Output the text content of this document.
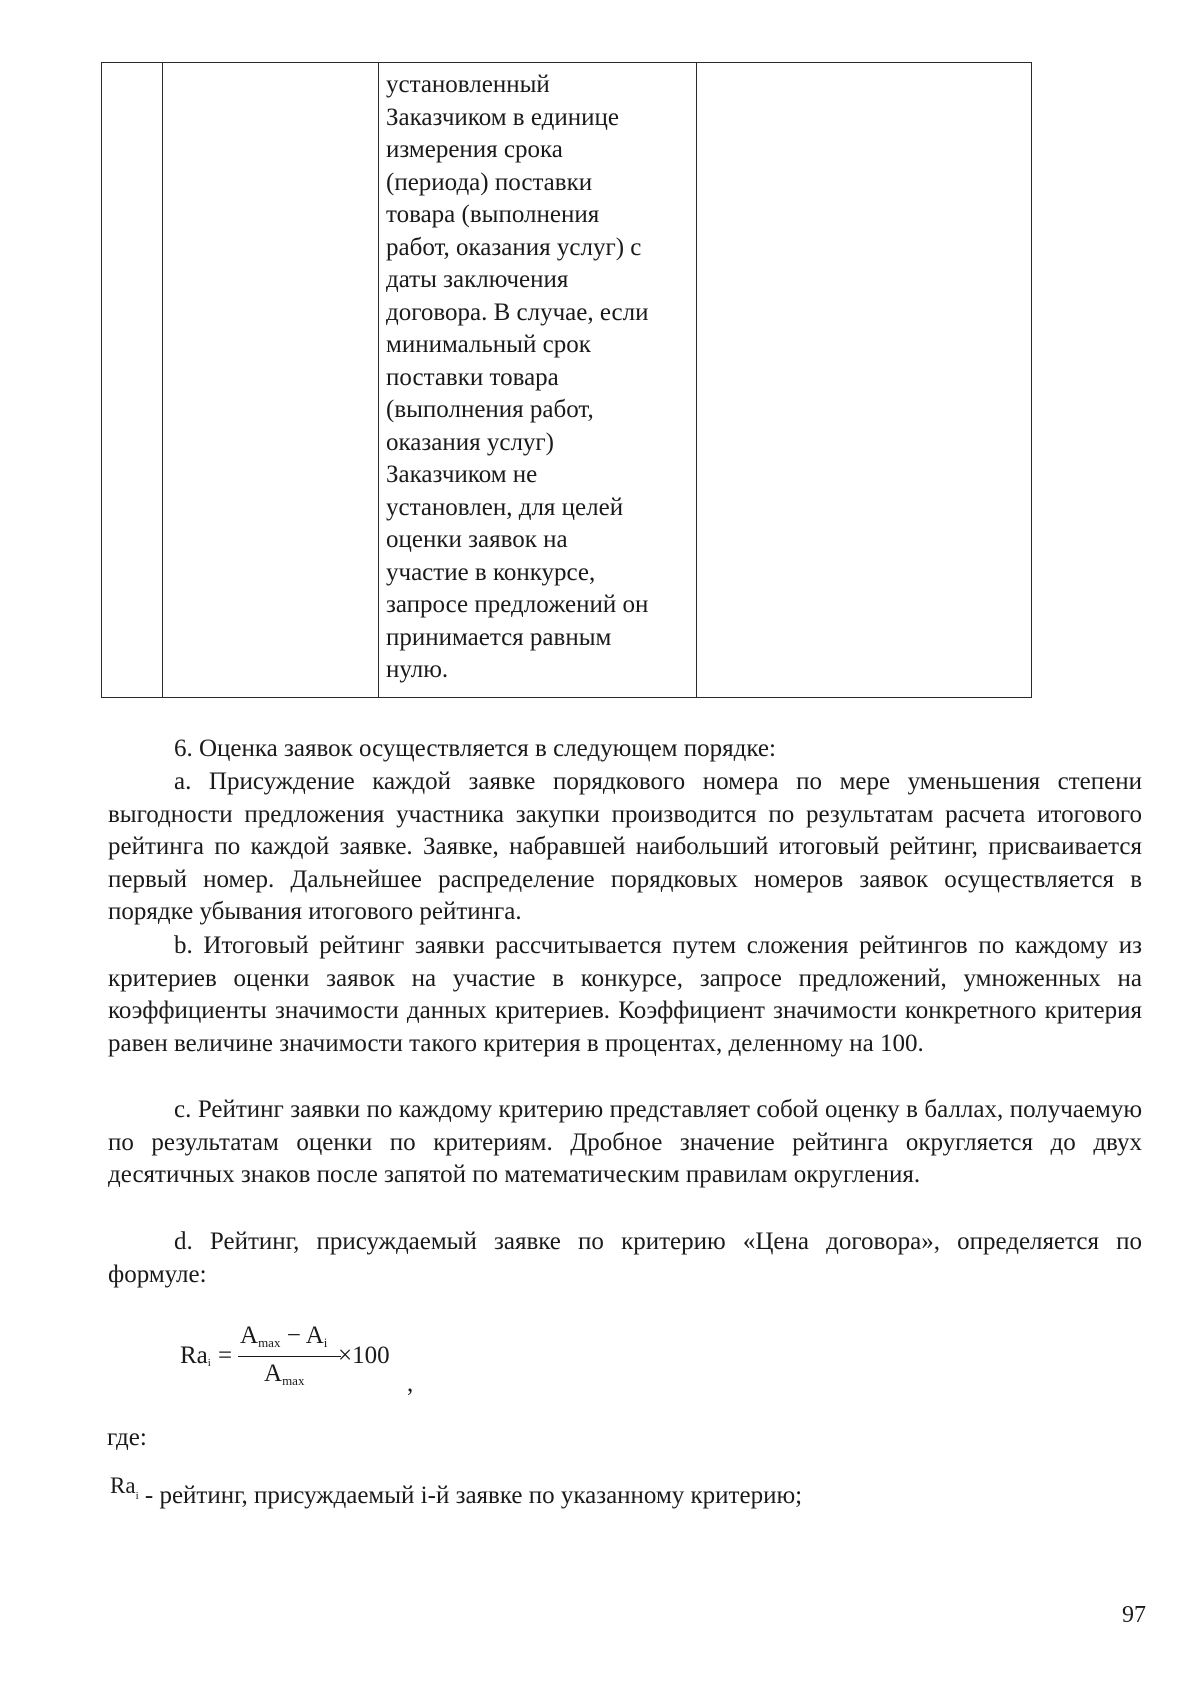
установленный
Заказчиком в единице
измерения срока
(периода) поставки
товара (выполнения
работ, оказания услуг) с
даты заключения
договора. В случае, если
минимальный срок
поставки товара
(выполнения работ,
оказания услуг)
Заказчиком не
установлен, для целей
оценки заявок на
участие в конкурсе,
запросе предложений он
принимается равным
нулю.

6. Оценка заявок осуществляется в следующем порядке:
a. Присуждение каждой заявке порядкового номера по мере уменьшения степени выгодности предложения участника закупки производится по результатам расчета итогового рейтинга по каждой заявке. Заявке, набравшей наибольший итоговый рейтинг, присваивается первый номер. Дальнейшее распределение порядковых номеров заявок осуществляется в порядке убывания итогового рейтинга.
b. Итоговый рейтинг заявки рассчитывается путем сложения рейтингов по каждому из критериев оценки заявок на участие в конкурсе, запросе предложений, умноженных на коэффициенты значимости данных критериев. Коэффициент значимости конкретного критерия равен величине значимости такого критерия в процентах, деленному на 100.
c. Рейтинг заявки по каждому критерию представляет собой оценку в баллах, получаемую по результатам оценки по критериям. Дробное значение рейтинга округляется до двух десятичных знаков после запятой по математическим правилам округления.
d. Рейтинг, присуждаемый заявке по критерию «Цена договора», определяется по формуле:
$Ra_i$ =
$A_{max} - A_i$
$A_{max}$
×100
,
где:
$Ra_i$ - рейтинг, присуждаемый i-й заявке по указанному критерию;
97
